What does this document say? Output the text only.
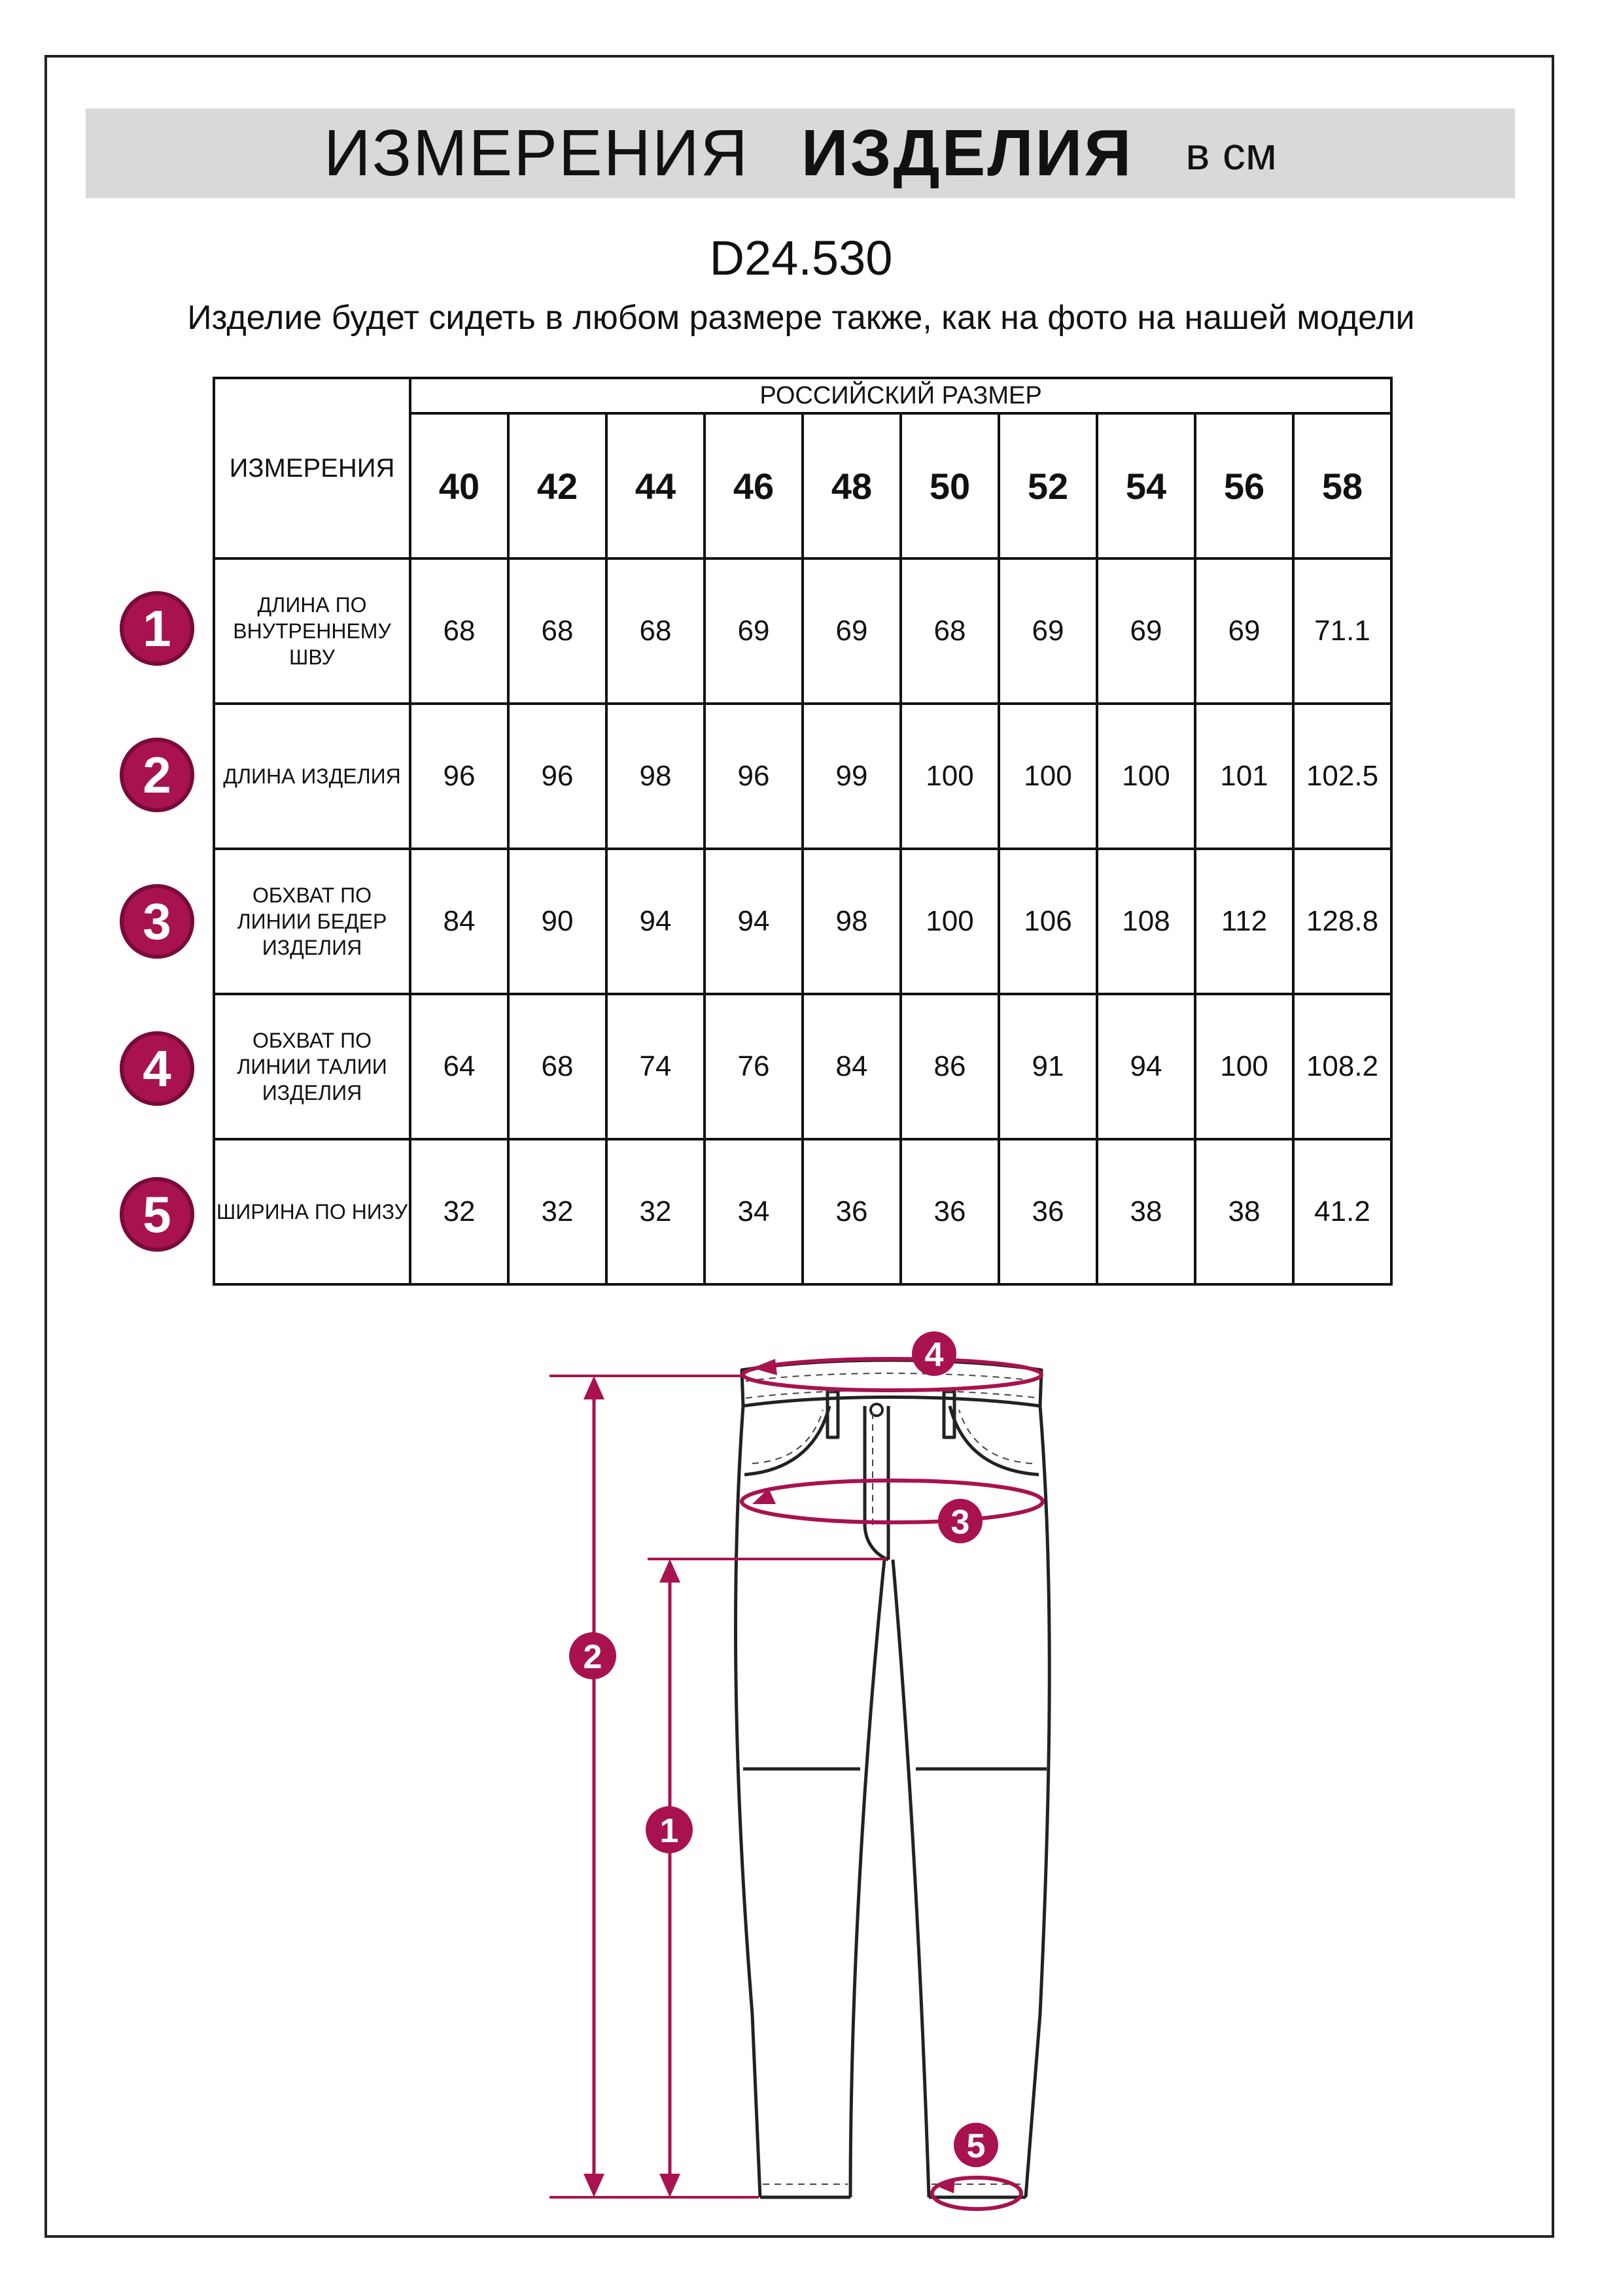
ИЗМЕРЕНИЯ ИЗДЕЛИЯ в см
D24.530
Изделие будет сидеть в любом размере также, как на фото на нашей модели
ИЗМЕРЕНИЯ	РОССИЙСКИЙ РАЗМЕР									
	40	42	44	46	48	50	52	54	56	58
ДЛИНА ПО ВНУТРЕННЕМУ ШВУ	68	68	68	69	69	68	69	69	69	71.1
ДЛИНА ИЗДЕЛИЯ	96	96	98	96	99	100	100	100	101	102.5
ОБХВАТ ПО ЛИНИИ БЕДЕР ИЗДЕЛИЯ	84	90	94	94	98	100	106	108	112	128.8
ОБХВАТ ПО ЛИНИИ ТАЛИИ ИЗДЕЛИЯ	64	68	74	76	84	86	91	94	100	108.2
ШИРИНА ПО НИЗУ	32	32	32	34	36	36	36	38	38	41.2
1
2
3
4
5
4
3
2
1
5
